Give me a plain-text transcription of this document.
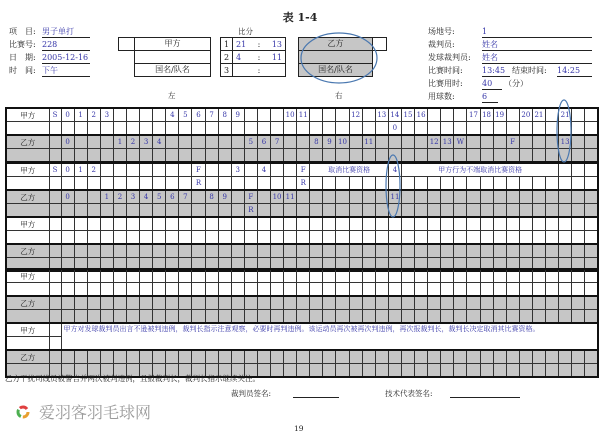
表 1-4
项　目: 男子单打
比赛号: 228
日　期: 2005-12-16
时　间: 下午
比分
甲方
国名/队名
1	21	:	13
2	4	:	11
3		:	
乙方
国名/队名
左	右
场地号:	1
裁判员:	姓名
发球裁判员: 姓名
比赛时间: 13:45 结束时间: 14:25
比赛用时: 40	（分）
用球数:	6
甲方	S	0	1	2	3					4	5	6	7	8	9				10	11				12		13	14	15	16				17	18	19		20	21		21		
																											0															
乙方		0				1	2	3	4							5	6	7			8	9	10		11					12	13	W				F				13		

甲方	S	0	1	2								F			3		4			F	取消比赛资格						4	甲方行为不端取消比赛资格														
												R								R																						
乙方		0			1	2	3	4	5	6	7		8	9		F		10	11								11															
																R																										
甲方																																										

乙方																																										

甲方																																										

乙方																																										

甲方		甲方对发球裁判员出言不逊被判违例，裁判长指示注意观察，必要时再判违例。该运动员再次被再次判违例，再次报裁判长，裁判长决定取消其比赛资格。																																								

乙方																																										

乙方干扰司线员被警告并两次被判违例，且报裁判长，裁判长指示继续关注。
裁判员签名:	技术代表签名:
爱羽客羽毛球网
19
